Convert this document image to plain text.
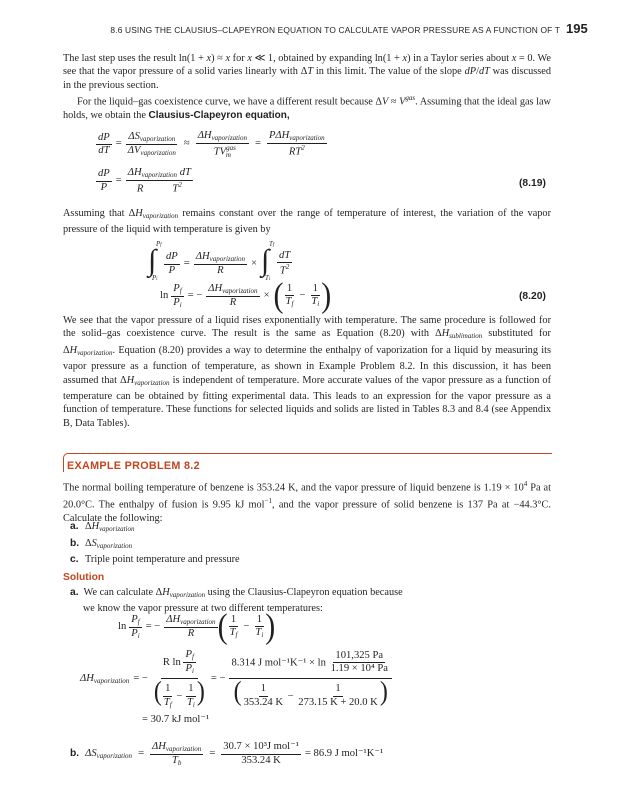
8.6 USING THE CLAUSIUS–CLAPEYRON EQUATION TO CALCULATE VAPOR PRESSURE AS A FUNCTION OF T 195

The last step uses the result ln(1 + x) ≈ x for x ≪ 1, obtained by expanding ln(1 + x) in a Taylor series about x = 0. We see that the vapor pressure of a solid varies linearly with ΔT in this limit. The value of the slope dP/dT was discussed in the previous section.

For the liquid–gas coexistence curve, we have a different result because $\Delta V \approx V^{gas}$. Assuming that the ideal gas law holds, we obtain the Clausius-Clapeyron equation,

$\frac{dP}{dT} = \frac{\Delta S_{vaporization}}{\Delta V_{vaporization}} \approx \frac{\Delta H_{vaporization}}{TV^{gas}_m} = \frac{P\Delta H_{vaporization}}{RT^2}$
$\frac{dP}{P} = \frac{\Delta H_{vaporization} dT}{R T^2}$	(8.19)

Assuming that $\Delta H_{vaporization}$ remains constant over the range of temperature of interest, the variation of the vapor pressure of the liquid with temperature is given by

∫ Pf
Pi
$\frac{dP}{P} = \frac{\Delta H_{vaporization}}{R}$ × ∫ Tf
Ti
$\frac{dT}{T^2}$
$\ln \frac{P_f}{P_i}$ = − $\frac{\Delta H_{vaporization}}{R}$ × ( $\frac{1}{T_f} - \frac{1}{T_i}$ )	(8.20)

We see that the vapor pressure of a liquid rises exponentially with temperature. The same procedure is followed for the solid–gas coexistence curve. The result is the same as Equation (8.20) with $\Delta H_{sublimation}$ substituted for $\Delta H_{vaporization}$. Equation (8.20) provides a way to determine the enthalpy of vaporization for a liquid by measuring its vapor pressure as a function of temperature, as shown in Example Problem 8.2. In this discussion, it has been assumed that $\Delta H_{vaporization}$ is independent of temperature. More accurate values of the vapor pressure as a function of temperature can be obtained by fitting experimental data. This leads to an expression for the vapor pressure as a function of temperature. These functions for selected liquids and solids are listed in Tables 8.3 and 8.4 (see Appendix B, Data Tables).

EXAMPLE PROBLEM 8.2

The normal boiling temperature of benzene is 353.24 K, and the vapor pressure of liquid benzene is $1.19 \times 10^4$ Pa at 20.0°C. The enthalpy of fusion is 9.95 kJ mol$^{-1}$, and the vapor pressure of solid benzene is 137 Pa at −44.3°C. Calculate the following:

a. $\Delta H_{vaporization}$
b. $\Delta S_{vaporization}$
c. Triple point temperature and pressure
Solution

a.  We can calculate $\Delta H_{vaporization}$ using the Clausius-Clapeyron equation because
we know the vapor pressure at two different temperatures:

$\ln \frac{P_f}{P_i}$ = − $\frac{\Delta H_{vaporization}}{R}$ ( $\frac{1}{T_f} - \frac{1}{T_i}$ )
$\Delta H_{vaporization}$ = − $\frac{R \ln \frac{P_f}{P_i}}{( \frac{1}{T_f} - \frac{1}{T_i} )}$ = − $\frac{8.314 J mol^{-1}K^{-1} \times \ln \frac{101,325 Pa}{\text{1.19 × 10⁴ Pa}}}{( \frac{1}{353.24 K} - \frac{1}{273.15 K + 20.0 K} )}$
= 30.7 kJ mol⁻¹
b. $\Delta S_{vaporization} = \frac{\Delta H_{vaporization}}{T_b} = \frac{\text{30.7 × 10³J mol⁻¹}}{353.24 K} = 86.9$ J mol⁻¹K⁻¹
